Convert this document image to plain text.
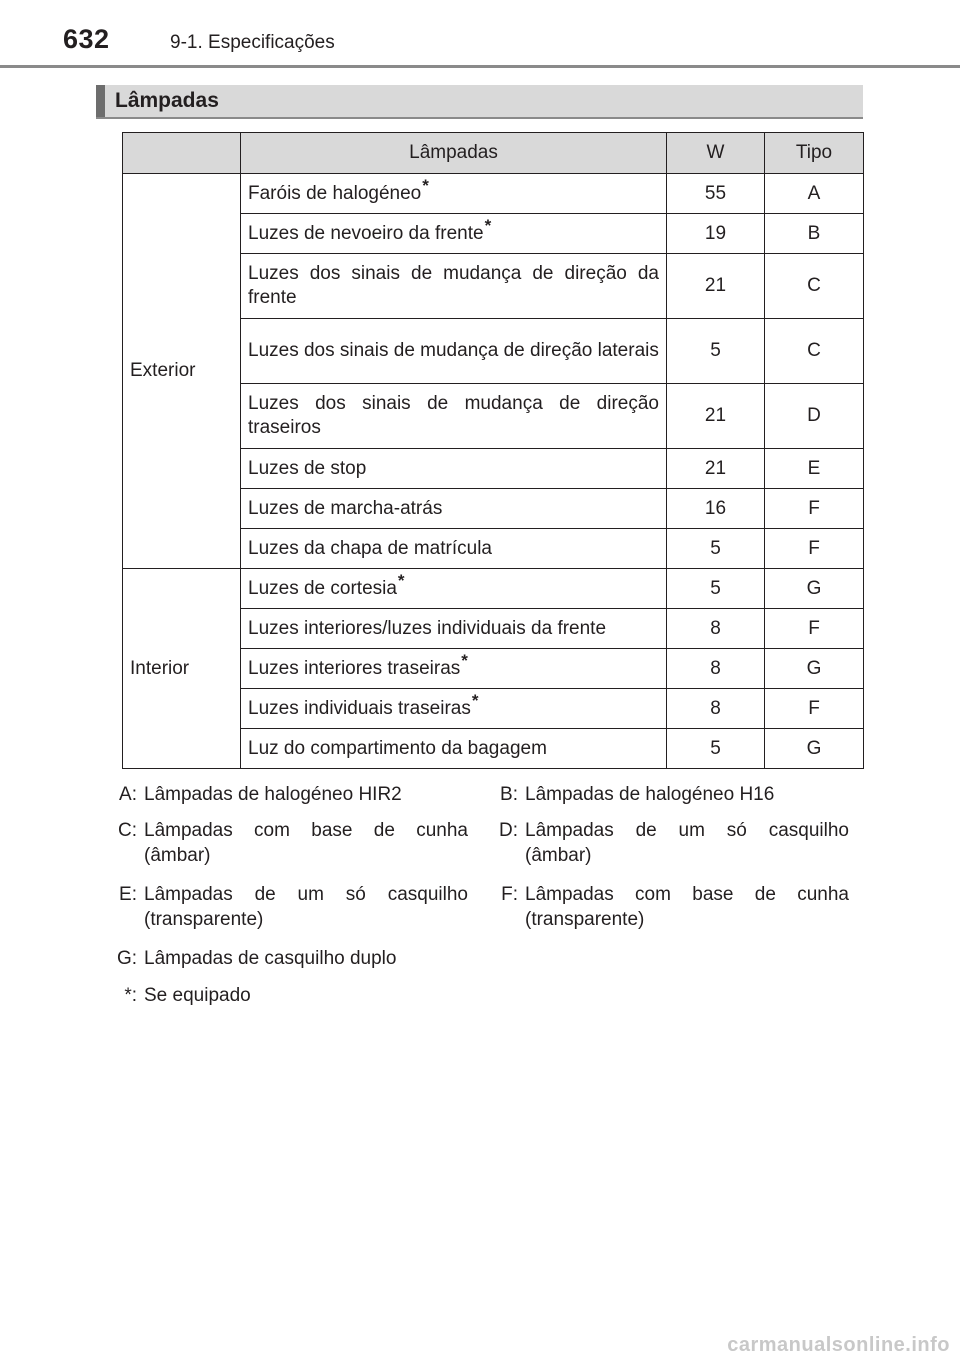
632	9-1. Especificações
Lâmpadas
	Lâmpadas	W	Tipo
Exterior	Faróis de halogéneo*	55	A
	Luzes de nevoeiro da frente*	19	B
	Luzes dos sinais de mudança de direção da frente	21	C
	Luzes dos sinais de mudança de direção laterais	5	C
	Luzes dos sinais de mudança de direção traseiros	21	D
	Luzes de stop	21	E
	Luzes de marcha-atrás	16	F
	Luzes da chapa de matrícula	5	F
Interior	Luzes de cortesia*	5	G
	Luzes interiores/luzes individuais da frente	8	F
	Luzes interiores traseiras*	8	G
	Luzes individuais traseiras*	8	F
	Luz do compartimento da bagagem	5	G
A: Lâmpadas de halogéneo HIR2	B: Lâmpadas de halogéneo H16
C: Lâmpadas com base de cunha (âmbar)
D: Lâmpadas de um só casquilho (âmbar)
E: Lâmpadas de um só casquilho (transparente)
F: Lâmpadas com base de cunha (transparente)
G: Lâmpadas de casquilho duplo
*: Se equipado
carmanualsonline.info
